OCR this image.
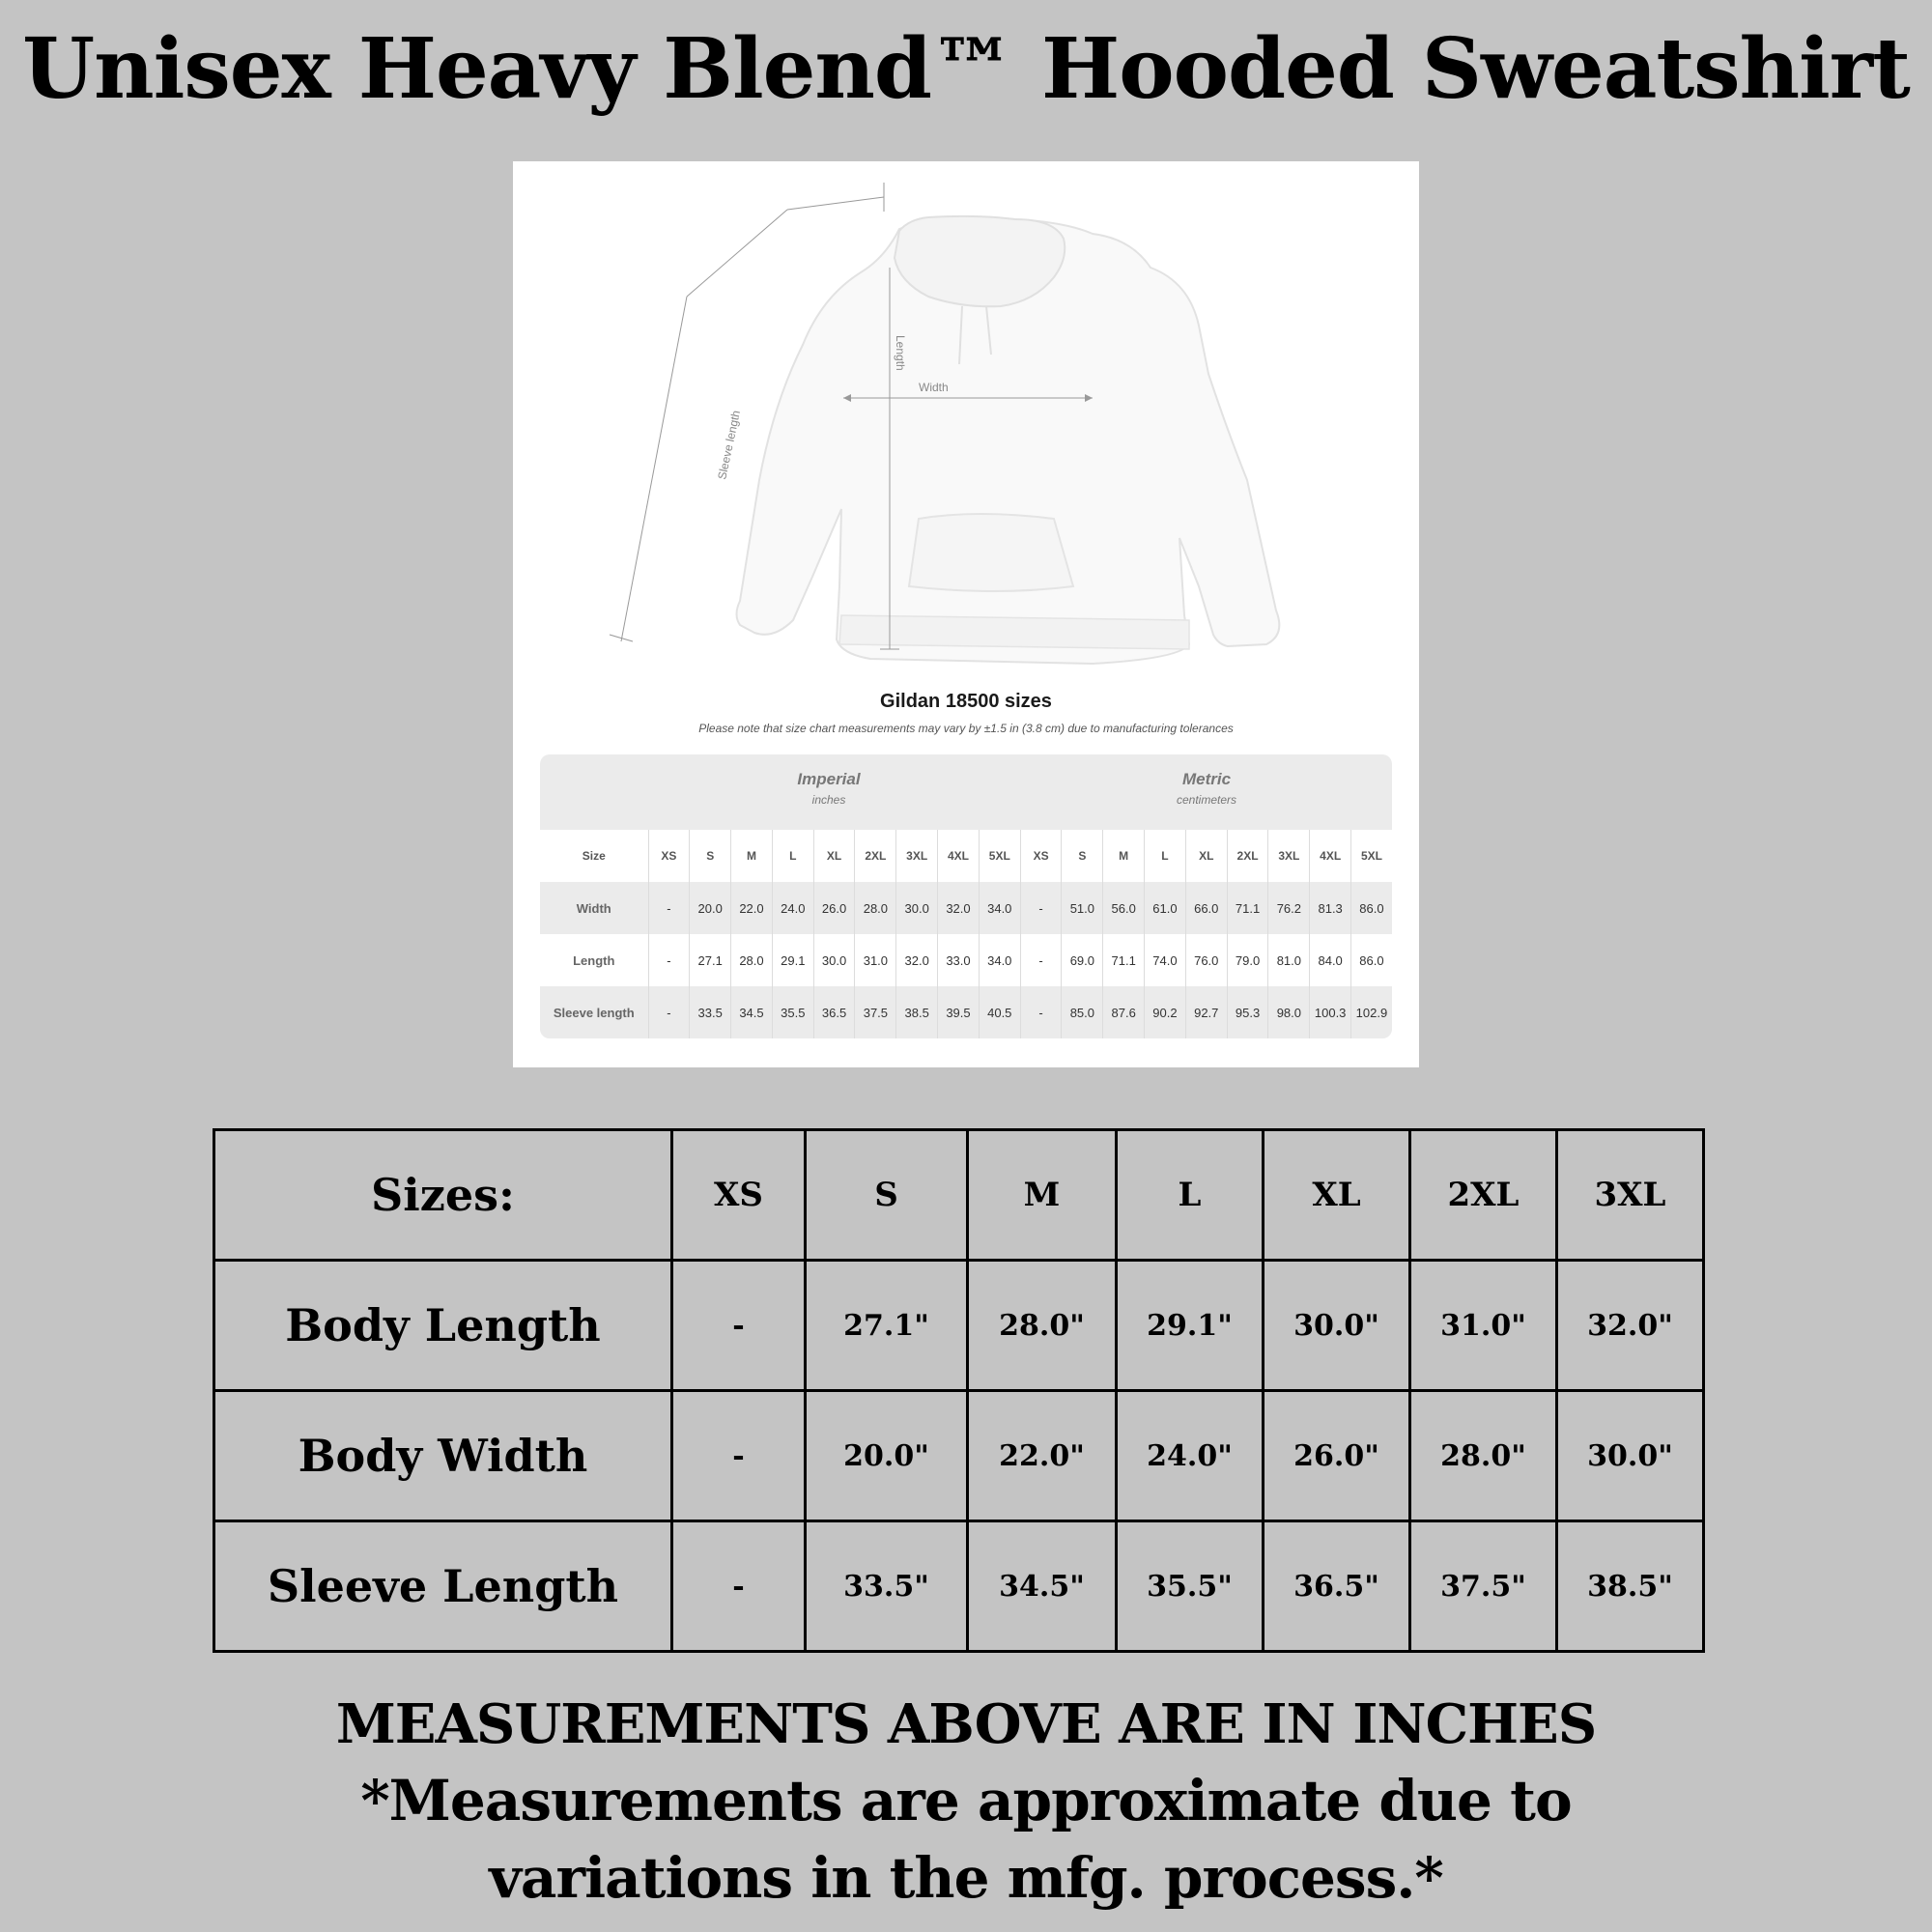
Unisex Heavy Blend™ Hooded Sweatshirt
Length
Width
Sleeve length
Gildan 18500 sizes
Please note that size chart measurements may vary by ±1.5 in (3.8 cm) due to manufacturing tolerances
Imperial
inches
Metric
centimeters
Size	XS	S	M	L	XL	2XL	3XL	4XL	5XL	XS	S	M	L	XL	2XL	3XL	4XL	5XL
Width	-	20.0	22.0	24.0	26.0	28.0	30.0	32.0	34.0	-	51.0	56.0	61.0	66.0	71.1	76.2	81.3	86.0
Length	-	27.1	28.0	29.1	30.0	31.0	32.0	33.0	34.0	-	69.0	71.1	74.0	76.0	79.0	81.0	84.0	86.0
Sleeve length	-	33.5	34.5	35.5	36.5	37.5	38.5	39.5	40.5	-	85.0	87.6	90.2	92.7	95.3	98.0	100.3	102.9
Sizes:	XS	S	M	L	XL	2XL	3XL
Body Length	-	27.1"	28.0"	29.1"	30.0"	31.0"	32.0"
Body Width	-	20.0"	22.0"	24.0"	26.0"	28.0"	30.0"
Sleeve Length	-	33.5"	34.5"	35.5"	36.5"	37.5"	38.5"
MEASUREMENTS ABOVE ARE IN INCHES
*Measurements are approximate due to variations in the mfg. process.*
